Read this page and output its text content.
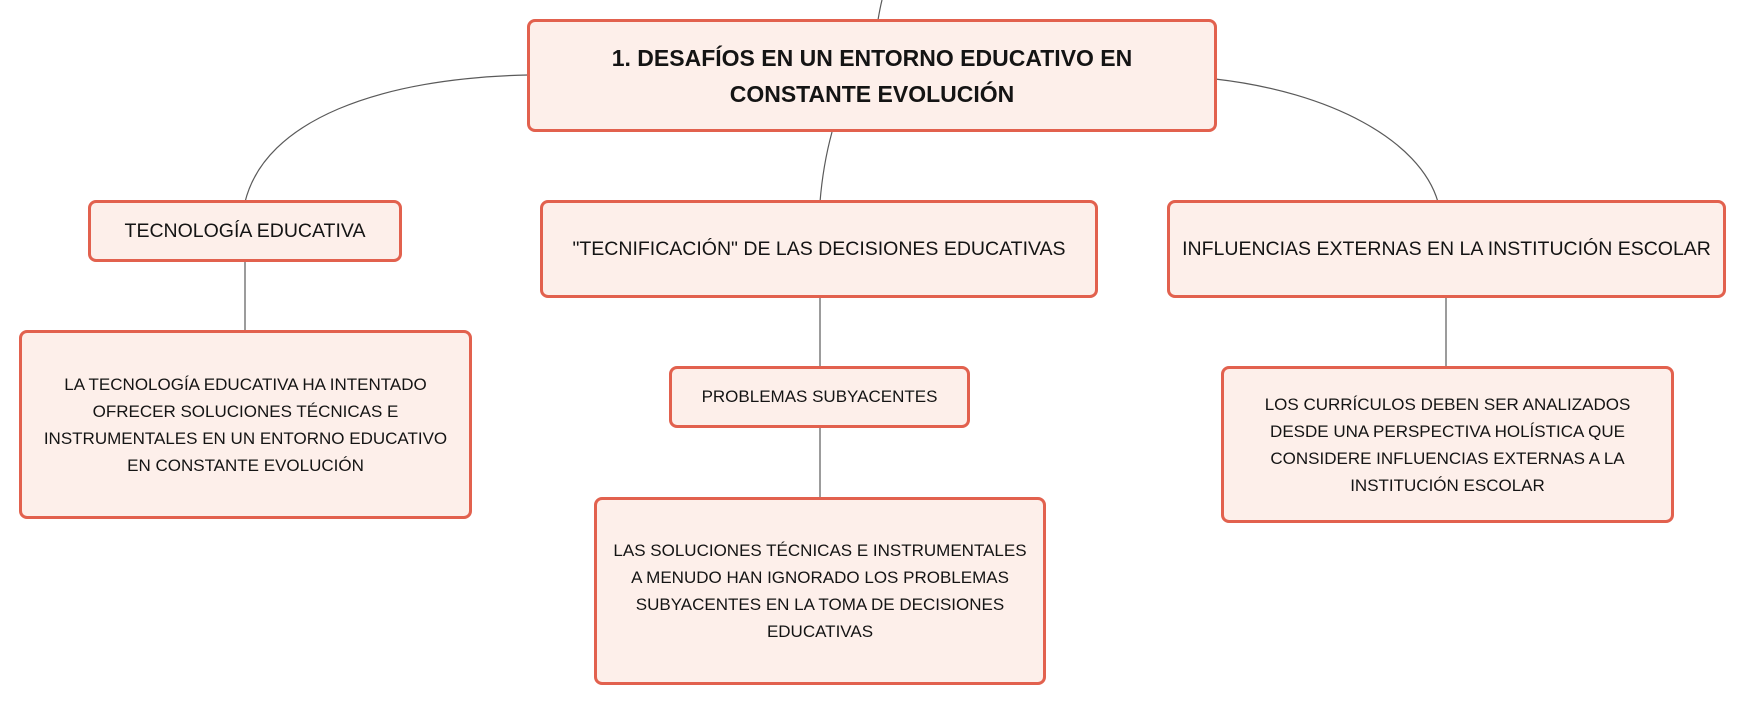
1. DESAFÍOS EN UN ENTORNO EDUCATIVO EN CONSTANTE EVOLUCIÓN
TECNOLOGÍA EDUCATIVA
"TECNIFICACIÓN" DE LAS DECISIONES EDUCATIVAS	INFLUENCIAS EXTERNAS EN LA INSTITUCIÓN ESCOLAR
LA TECNOLOGÍA EDUCATIVA HA INTENTADO OFRECER SOLUCIONES TÉCNICAS E INSTRUMENTALES EN UN ENTORNO EDUCATIVO EN CONSTANTE EVOLUCIÓN
PROBLEMAS SUBYACENTES
LAS SOLUCIONES TÉCNICAS E INSTRUMENTALES A MENUDO HAN IGNORADO LOS PROBLEMAS SUBYACENTES EN LA TOMA DE DECISIONES EDUCATIVAS
LOS CURRÍCULOS DEBEN SER ANALIZADOS DESDE UNA PERSPECTIVA HOLÍSTICA QUE CONSIDERE INFLUENCIAS EXTERNAS A LA INSTITUCIÓN ESCOLAR
